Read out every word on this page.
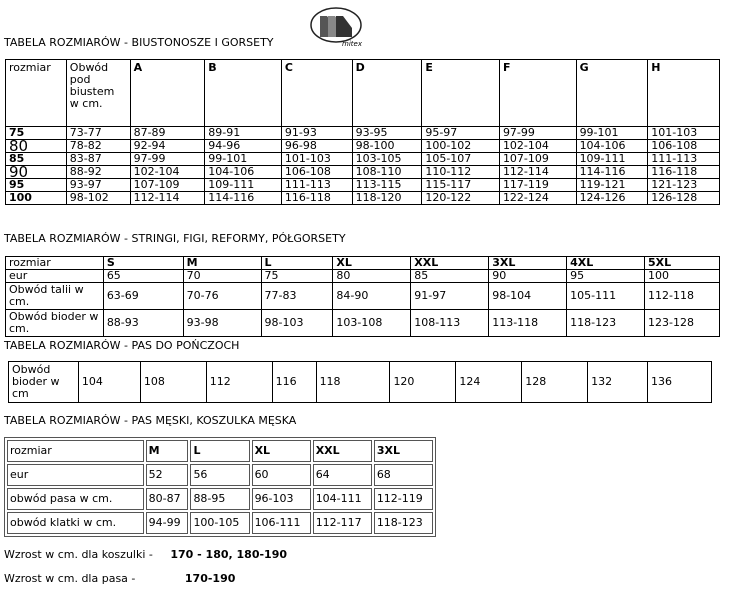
mitex
TABELA ROZMIARÓW - BIUSTONOSZE I GORSETY
rozmiar	Obwód pod biustem w cm.	A	B	C	D	E	F	G	H
75	73-77	87-89	89-91	91-93	93-95	95-97	97-99	99-101	101-103
80	78-82	92-94	94-96	96-98	98-100	100-102	102-104	104-106	106-108
85	83-87	97-99	99-101	101-103	103-105	105-107	107-109	109-111	111-113
90	88-92	102-104	104-106	106-108	108-110	110-112	112-114	114-116	116-118
95	93-97	107-109	109-111	111-113	113-115	115-117	117-119	119-121	121-123
100	98-102	112-114	114-116	116-118	118-120	120-122	122-124	124-126	126-128
TABELA ROZMIARÓW - STRINGI, FIGI, REFORMY, PÓŁGORSETY
rozmiar	S	M	L	XL	XXL	3XL	4XL	5XL
eur	65	70	75	80	85	90	95	100
Obwód talii w cm.	63-69	70-76	77-83	84-90	91-97	98-104	105-111	112-118
Obwód bioder w cm.	88-93	93-98	98-103	103-108	108-113	113-118	118-123	123-128
TABELA ROZMIARÓW - PAS DO POŃCZOCH
Obwód bioder w cm	104	108	112	116	118	120	124	128	132	136
TABELA ROZMIARÓW - PAS MĘSKI, KOSZULKA MĘSKA
rozmiar	M	L	XL	XXL	3XL
eur	52	56	60	64	68
obwód pasa w cm.	80-87	88-95	96-103	104-111	112-119
obwód klatki w cm.	94-99	100-105	106-111	112-117	118-123
Wzrost w cm. dla koszulki - 170 - 180, 180-190
Wzrost w cm. dla pasa -	170-190
